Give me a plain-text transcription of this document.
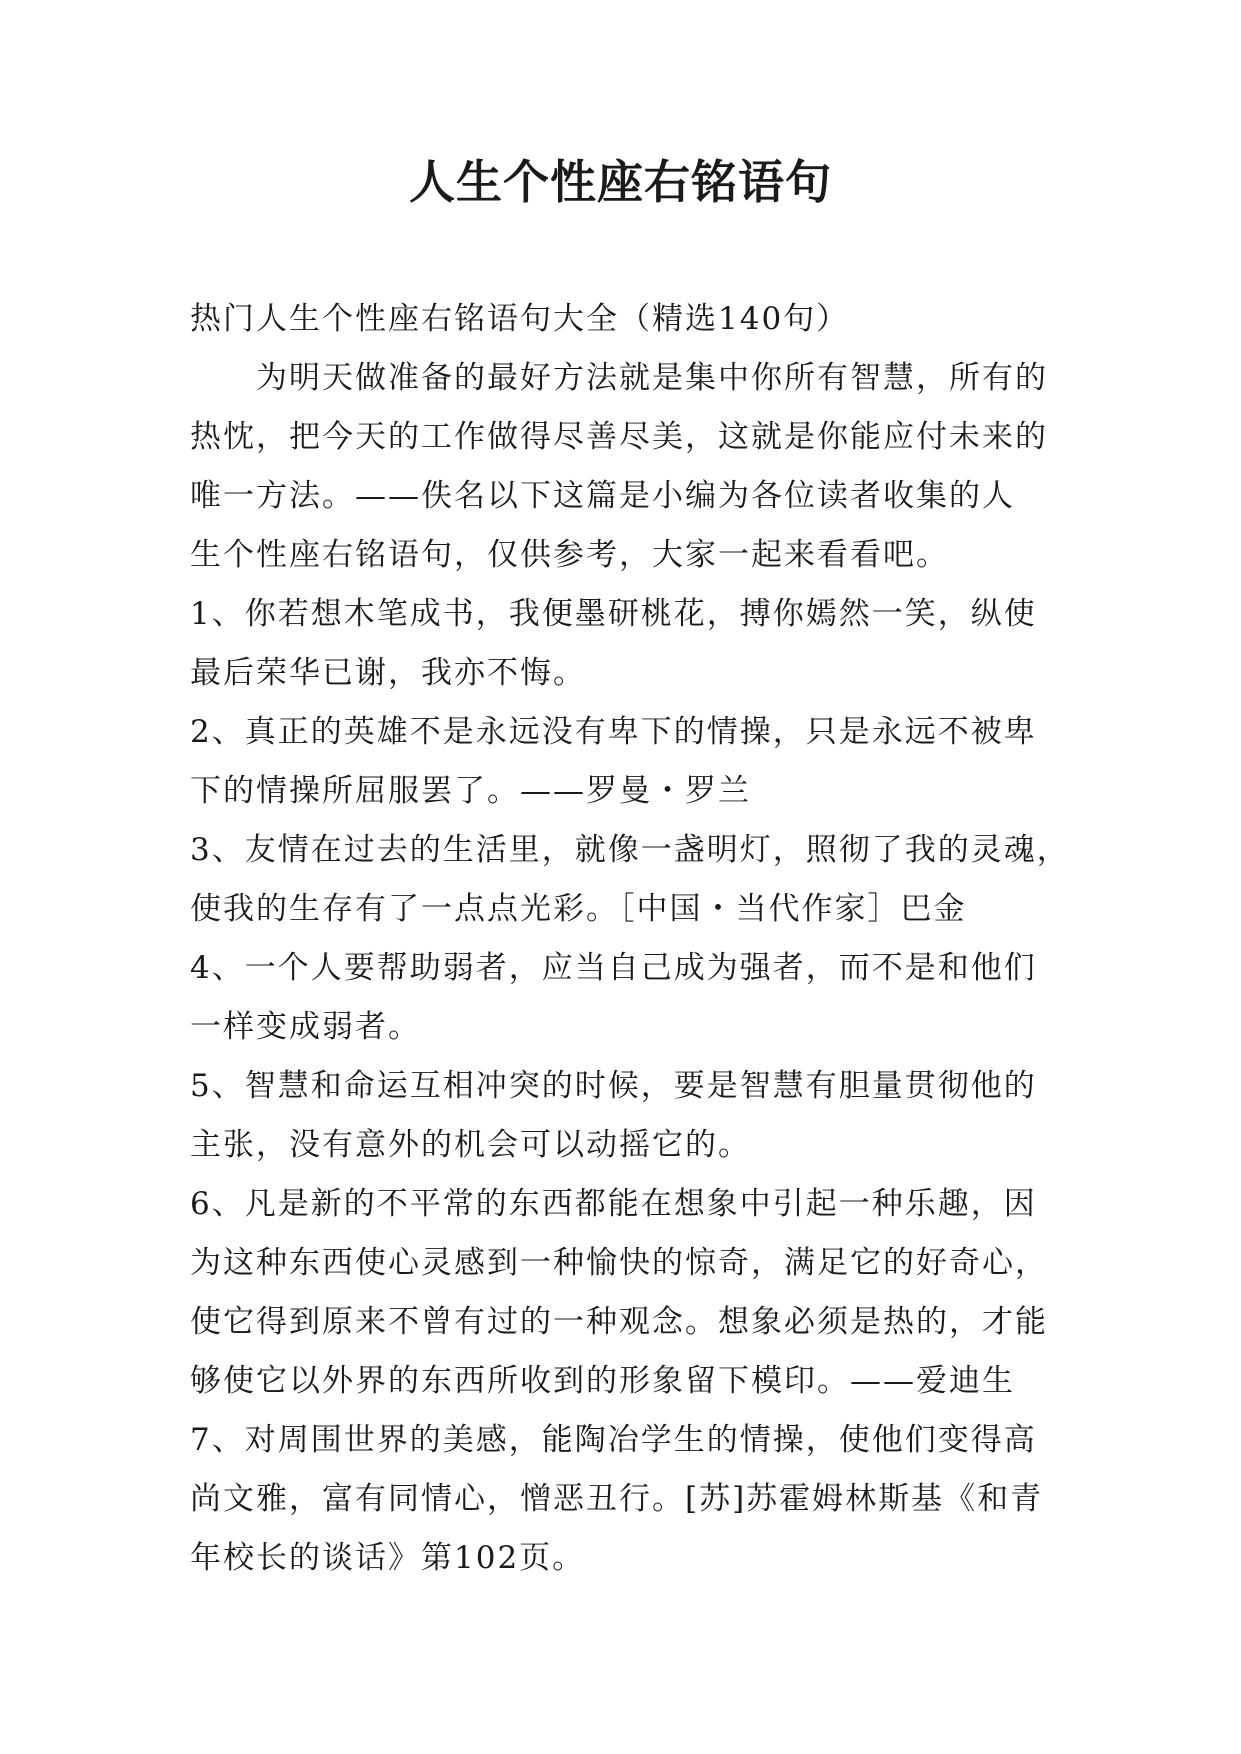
人生个性座右铭语句

热门人生个性座右铭语句大全（精选140句）

为明天做准备的最好方法就是集中你所有智慧，所有的

热忱，把今天的工作做得尽善尽美，这就是你能应付未来的

唯一方法。——佚名以下这篇是小编为各位读者收集的人

生个性座右铭语句，仅供参考，大家一起来看看吧。

1、你若想木笔成书，我便墨研桃花，搏你嫣然一笑，纵使

最后荣华已谢，我亦不悔。

2、真正的英雄不是永远没有卑下的情操，只是永远不被卑

下的情操所屈服罢了。——罗曼・罗兰

3、友情在过去的生活里，就像一盏明灯，照彻了我的灵魂，

使我的生存有了一点点光彩。［中国・当代作家］巴金

4、一个人要帮助弱者，应当自己成为强者，而不是和他们

一样变成弱者。

5、智慧和命运互相冲突的时候，要是智慧有胆量贯彻他的

主张，没有意外的机会可以动摇它的。

6、凡是新的不平常的东西都能在想象中引起一种乐趣，因

为这种东西使心灵感到一种愉快的惊奇，满足它的好奇心，

使它得到原来不曾有过的一种观念。想象必须是热的，才能

够使它以外界的东西所收到的形象留下模印。——爱迪生

7、对周围世界的美感，能陶冶学生的情操，使他们变得高

尚文雅，富有同情心，憎恶丑行。[苏]苏霍姆林斯基《和青

年校长的谈话》第102页。
